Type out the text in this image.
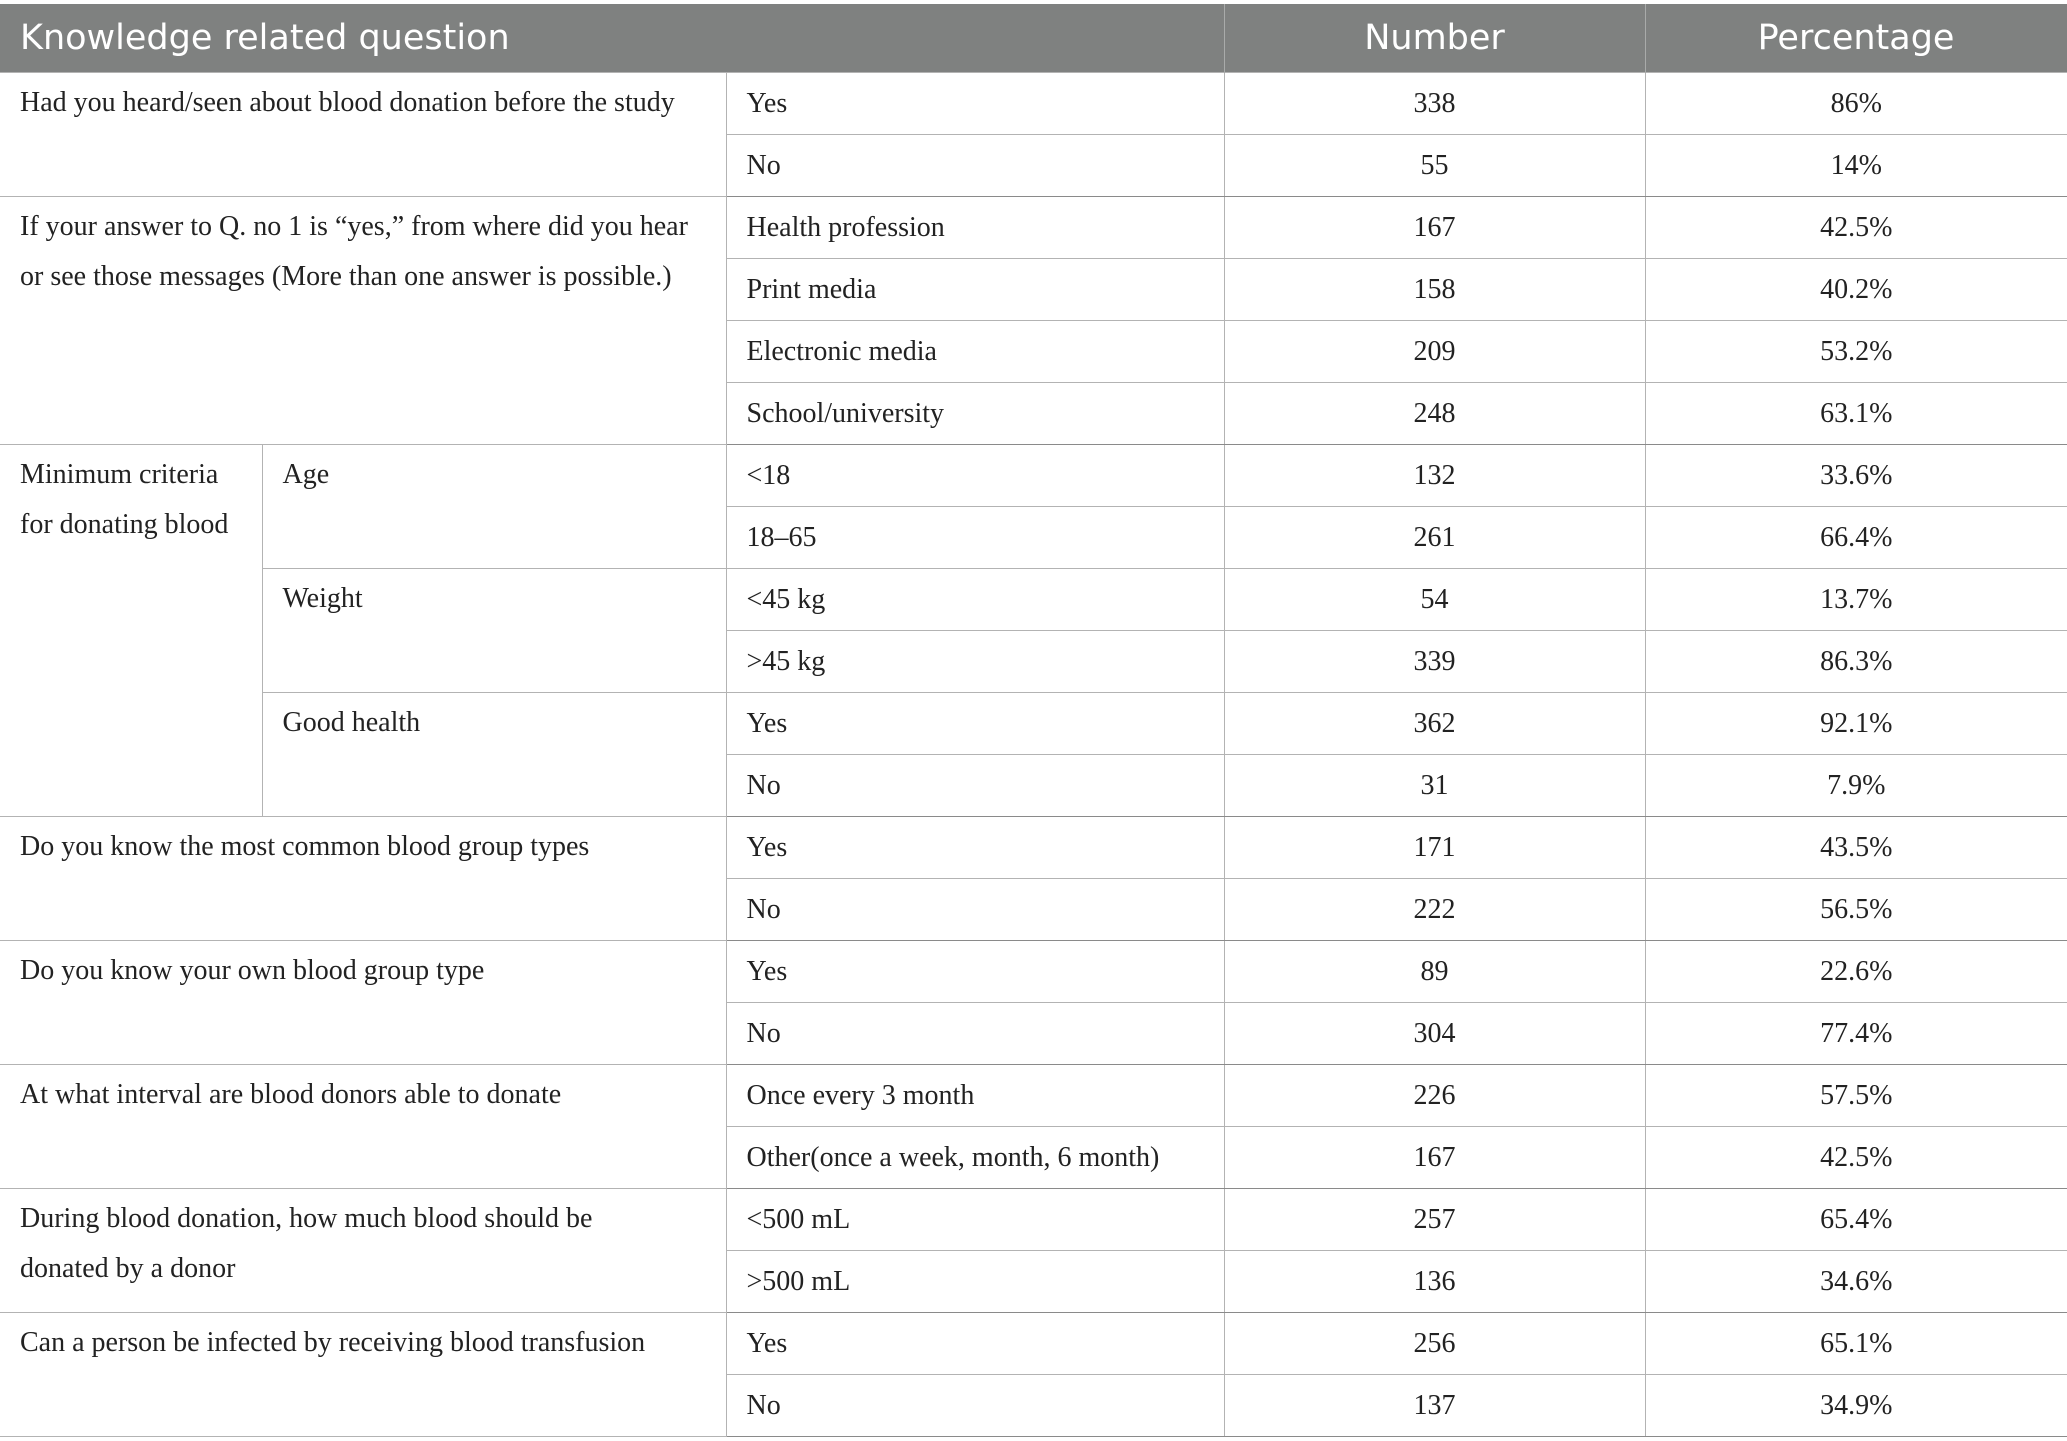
Knowledge related question			Number	Percentage
Had you heard/seen about blood donation before the study		Yes	338	86%
		No	55	14%
If your answer to Q. no 1 is “yes,” from where did you hear or see those messages (More than one answer is possible.)		Health profession	167	42.5%
		Print media	158	40.2%
		Electronic media	209	53.2%
		School/university	248	63.1%
Minimum criteria for donating blood	Age	<18	132	33.6%
		18–65	261	66.4%
	Weight	<45 kg	54	13.7%
		>45 kg	339	86.3%
	Good health	Yes	362	92.1%
		No	31	7.9%
Do you know the most common blood group types		Yes	171	43.5%
		No	222	56.5%
Do you know your own blood group type		Yes	89	22.6%
		No	304	77.4%
At what interval are blood donors able to donate		Once every 3 month	226	57.5%
		Other(once a week, month, 6 month)	167	42.5%
During blood donation, how much blood should be donated by a donor		<500 mL	257	65.4%
		>500 mL	136	34.6%
Can a person be infected by receiving blood transfusion		Yes	256	65.1%
		No	137	34.9%
